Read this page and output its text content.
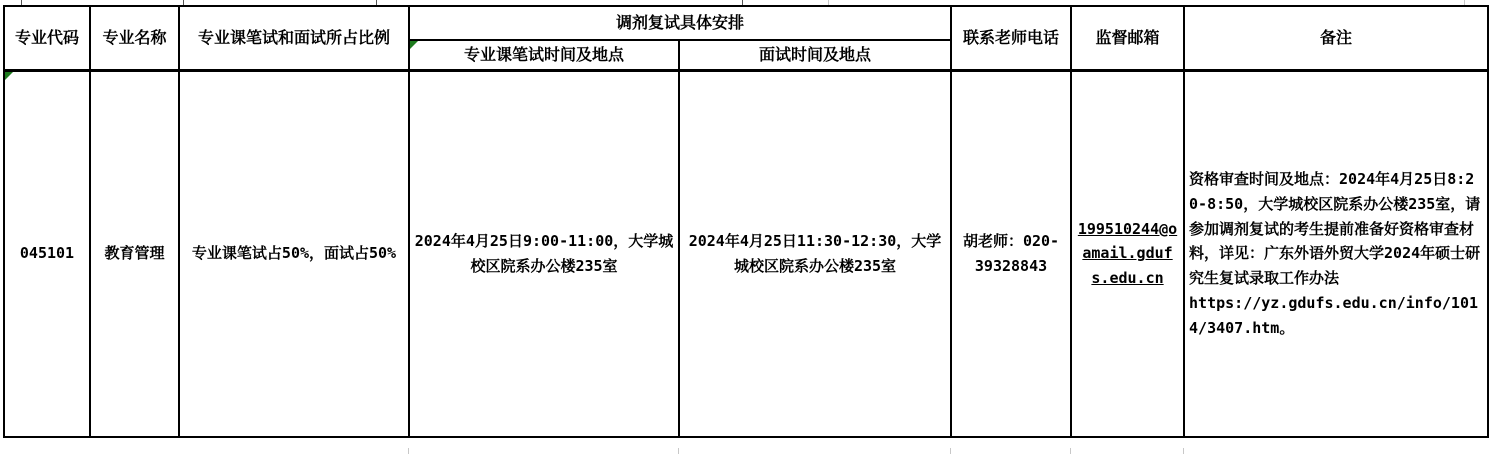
专业代码	专业名称	专业课笔试和面试所占比例	调剂复试具体安排		联系老师电话	监督邮箱	备注

专业课笔试时间及地点	面试时间及地点			

045101	教育管理	专业课笔试占50%，面试占50%	2024年4月25日9:00-11:00，大学城校区院系办公楼235室	2024年4月25日11:30-12:30，大学城校区院系办公楼235室	胡老师：020-39328843	199510244@oamail.gdufs.edu.cn	资格审查时间及地点：2024年4月25日8:20-8:50，大学城校区院系办公楼235室，请参加调剂复试的考生提前准备好资格审查材料，详见：广东外语外贸大学2024年硕士研究生复试录取工作办法
https://yz.gdufs.edu.cn/info/1014/3407.htm。
